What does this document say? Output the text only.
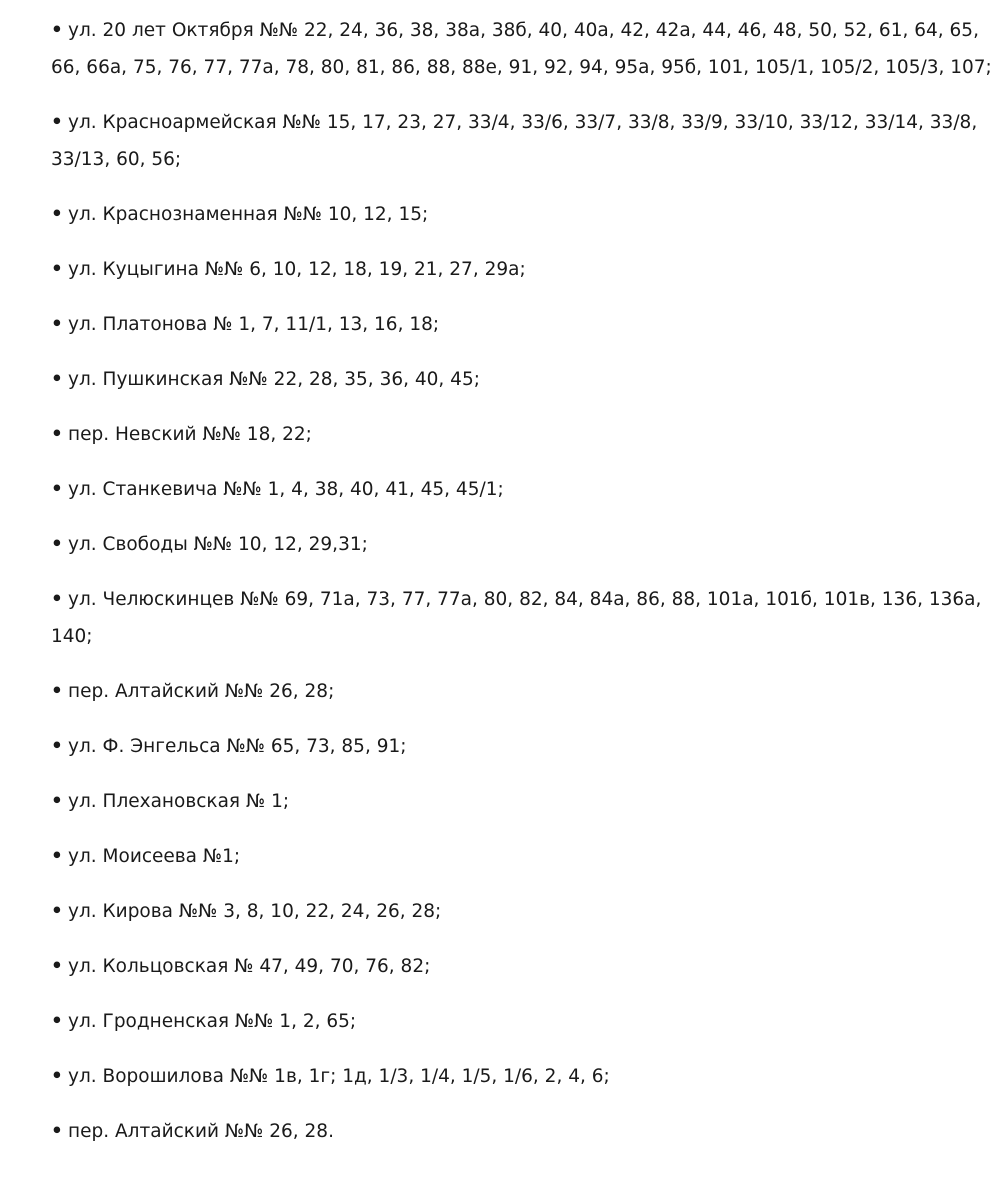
• ул. 20 лет Октября №№ 22, 24, 36, 38, 38а, 38б, 40, 40а, 42, 42а, 44, 46, 48, 50, 52, 61, 64, 65, 66, 66а, 75, 76, 77, 77а, 78, 80, 81, 86, 88, 88е, 91, 92, 94, 95а, 95б, 101, 105/1, 105/2, 105/3, 107;
• ул. Красноармейская №№ 15, 17, 23, 27, 33/4, 33/6, 33/7, 33/8, 33/9, 33/10, 33/12, 33/14, 33/8, 33/13, 60, 56;
• ул. Краснознаменная №№ 10, 12, 15;
• ул. Куцыгина №№ 6, 10, 12, 18, 19, 21, 27, 29а;
• ул. Платонова № 1, 7, 11/1, 13, 16, 18;
• ул. Пушкинская №№ 22, 28, 35, 36, 40, 45;
• пер. Невский №№ 18, 22;
• ул. Станкевича №№ 1, 4, 38, 40, 41, 45, 45/1;
• ул. Свободы №№ 10, 12, 29,31;
• ул. Челюскинцев №№ 69, 71а, 73, 77, 77а, 80, 82, 84, 84а, 86, 88, 101а, 101б, 101в, 136, 136а, 140;
• пер. Алтайский №№ 26, 28;
• ул. Ф. Энгельса №№ 65, 73, 85, 91;
• ул. Плехановская № 1;
• ул. Моисеева №1;
• ул. Кирова №№ 3, 8, 10, 22, 24, 26, 28;
• ул. Кольцовская № 47, 49, 70, 76, 82;
• ул. Гродненская №№ 1, 2, 65;
• ул. Ворошилова №№ 1в, 1г; 1д, 1/3, 1/4, 1/5, 1/6, 2, 4, 6;
• пер. Алтайский №№ 26, 28.
